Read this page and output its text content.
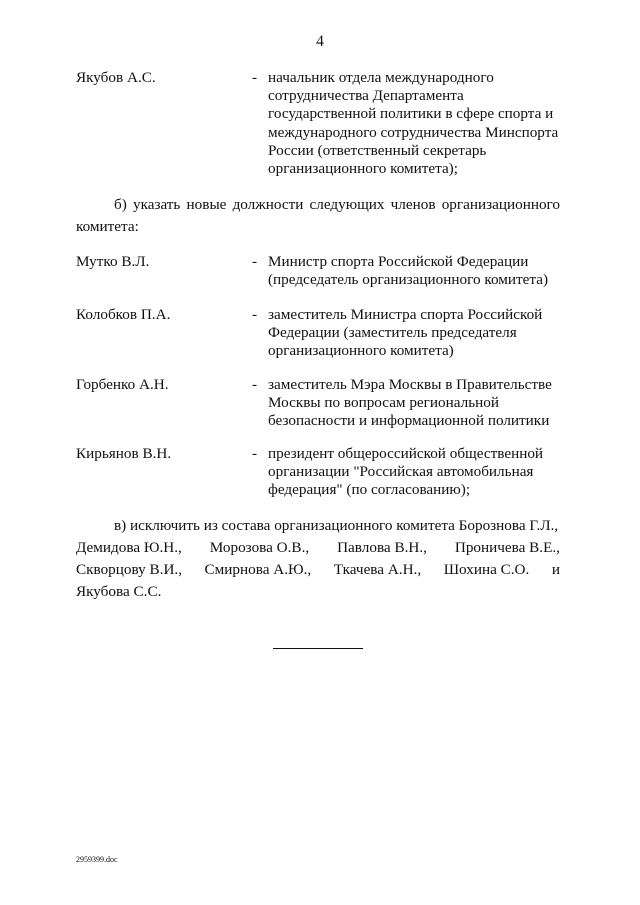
4
Якубов А.С.	- начальник отдела международного
сотрудничества Департамента
государственной политики в сфере спорта и
международного сотрудничества Минспорта
России (ответственный секретарь
организационного комитета);
б) указать новые должности следующих членов организационного
комитета:
Мутко В.Л.	- Министр спорта Российской Федерации
(председатель организационного комитета)
Колобков П.А.	- заместитель Министра спорта Российской
Федерации (заместитель председателя
организационного комитета)
Горбенко А.Н.	- заместитель Мэра Москвы в Правительстве
Москвы по вопросам региональной
безопасности и информационной политики
Кирьянов В.Н.	- президент общероссийской общественной
организации "Российская автомобильная
федерация" (по согласованию);
в) исключить из состава организационного комитета Борознова Г.Л.,
Демидова Ю.Н., Морозова О.В., Павлова В.Н., Проничева В.Е.,
Скворцову В.И., Смирнова А.Ю., Ткачева А.Н., Шохина С.О. и
Якубова С.С.
2959399.doc
